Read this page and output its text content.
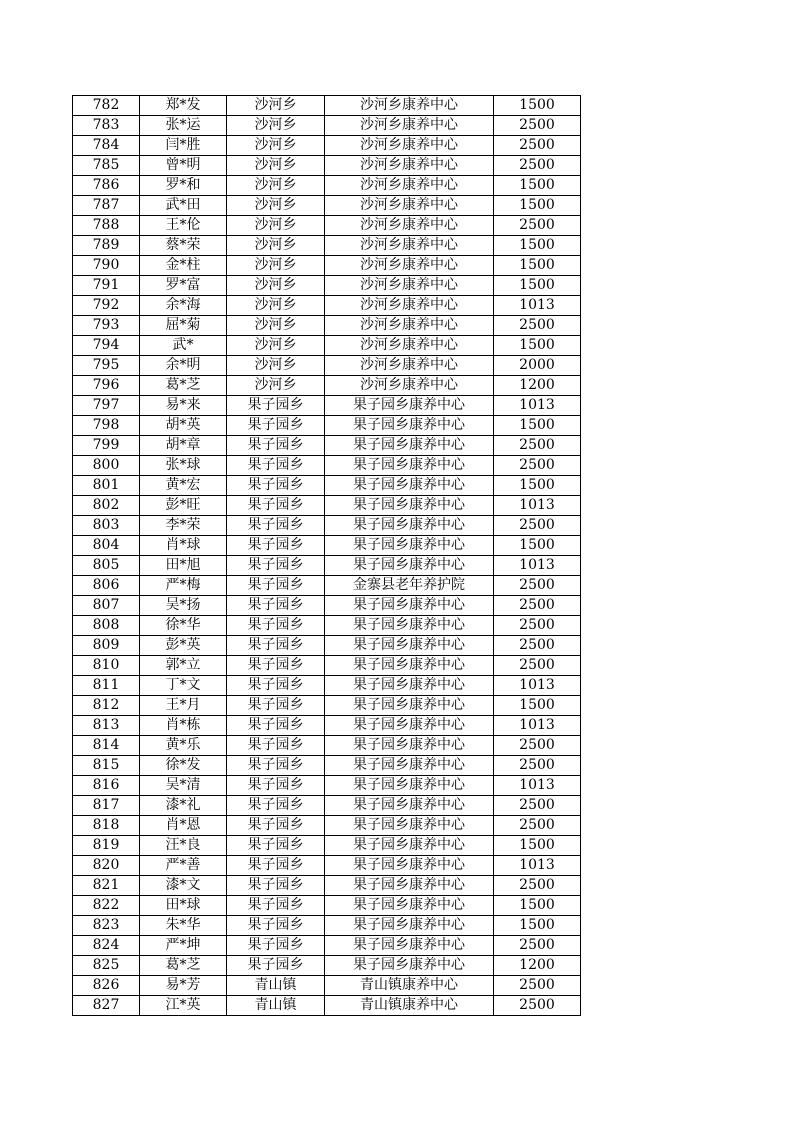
782	郑*发	沙河乡	沙河乡康养中心	1500
783	张*运	沙河乡	沙河乡康养中心	2500
784	闫*胜	沙河乡	沙河乡康养中心	2500
785	曾*明	沙河乡	沙河乡康养中心	2500
786	罗*和	沙河乡	沙河乡康养中心	1500
787	武*田	沙河乡	沙河乡康养中心	1500
788	王*伦	沙河乡	沙河乡康养中心	2500
789	蔡*荣	沙河乡	沙河乡康养中心	1500
790	金*柱	沙河乡	沙河乡康养中心	1500
791	罗*富	沙河乡	沙河乡康养中心	1500
792	余*海	沙河乡	沙河乡康养中心	1013
793	屈*菊	沙河乡	沙河乡康养中心	2500
794	武*	沙河乡	沙河乡康养中心	1500
795	余*明	沙河乡	沙河乡康养中心	2000
796	葛*芝	沙河乡	沙河乡康养中心	1200
797	易*来	果子园乡	果子园乡康养中心	1013
798	胡*英	果子园乡	果子园乡康养中心	1500
799	胡*章	果子园乡	果子园乡康养中心	2500
800	张*球	果子园乡	果子园乡康养中心	2500
801	黄*宏	果子园乡	果子园乡康养中心	1500
802	彭*旺	果子园乡	果子园乡康养中心	1013
803	李*荣	果子园乡	果子园乡康养中心	2500
804	肖*球	果子园乡	果子园乡康养中心	1500
805	田*旭	果子园乡	果子园乡康养中心	1013
806	严*梅	果子园乡	金寨县老年养护院	2500
807	吴*扬	果子园乡	果子园乡康养中心	2500
808	徐*华	果子园乡	果子园乡康养中心	2500
809	彭*英	果子园乡	果子园乡康养中心	2500
810	郭*立	果子园乡	果子园乡康养中心	2500
811	丁*文	果子园乡	果子园乡康养中心	1013
812	王*月	果子园乡	果子园乡康养中心	1500
813	肖*栋	果子园乡	果子园乡康养中心	1013
814	黄*乐	果子园乡	果子园乡康养中心	2500
815	徐*发	果子园乡	果子园乡康养中心	2500
816	吴*清	果子园乡	果子园乡康养中心	1013
817	漆*礼	果子园乡	果子园乡康养中心	2500
818	肖*恩	果子园乡	果子园乡康养中心	2500
819	汪*良	果子园乡	果子园乡康养中心	1500
820	严*善	果子园乡	果子园乡康养中心	1013
821	漆*文	果子园乡	果子园乡康养中心	2500
822	田*球	果子园乡	果子园乡康养中心	1500
823	朱*华	果子园乡	果子园乡康养中心	1500
824	严*坤	果子园乡	果子园乡康养中心	2500
825	葛*芝	果子园乡	果子园乡康养中心	1200
826	易*芳	青山镇	青山镇康养中心	2500
827	江*英	青山镇	青山镇康养中心	2500
